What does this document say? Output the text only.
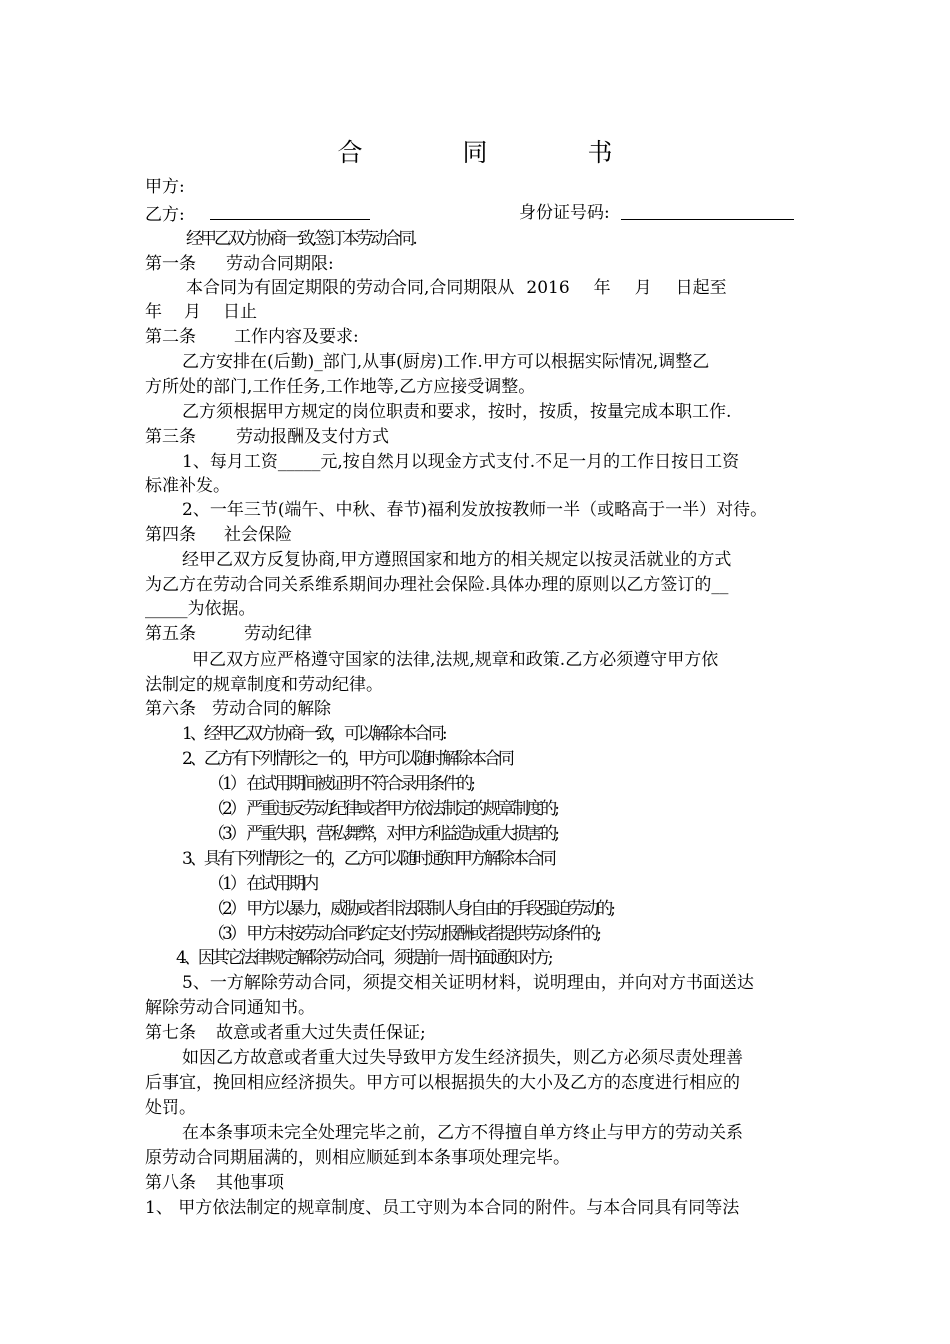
合 同 书
甲方:
乙方:	身份证号码:
经甲乙双方协商一致,签订本劳动合同.
第一条 劳动合同期限:
本合同为有固定期限的劳动合同,合同期限从 2016 年 月 日起至
年 月 日止
第二条 工作内容及要求:
乙方安排在(后勤)_部门,从事(厨房)工作.甲方可以根据实际情况,调整乙
方所处的部门,工作任务,工作地等,乙方应接受调整。
乙方须根据甲方规定的岗位职责和要求，按时，按质，按量完成本职工作.
第三条 劳动报酬及支付方式
1、每月工资_____元,按自然月以现金方式支付.不足一月的工作日按日工资
标准补发。
2、一年三节(端午、中秋、春节)福利发放按教师一半（或略高于一半）对待。
第四条 社会保险
经甲乙双方反复协商,甲方遵照国家和地方的相关规定以按灵活就业的方式
为乙方在劳动合同关系维系期间办理社会保险.具体办理的原则以乙方签订的__
_____为依据。
第五条	劳动纪律
甲乙双方应严格遵守国家的法律,法规,规章和政策.乙方必须遵守甲方依
法制定的规章制度和劳动纪律。
第六条 劳动合同的解除
1、经甲乙双方协商一致，可以解除本合同:
2、乙方有下列情形之一的，甲方可以随时解除本合同
（1） 在试用期间被证明不符合录用条件的;
（2） 严重违反劳动纪律或者甲方依法制定的规章制度的;
（3） 严重失职，营私舞弊，对甲方利益造成重大损害的;
3、具有下列情形之一的，乙方可以随时通知甲方解除本合同
（1） 在试用期内
（2） 甲方以暴力，威胁或者非法限制人身自由的手段强迫劳动的;
（3） 甲方未按劳动合同约定支付劳动报酬或者提供劳动条件的;
4、因其它法律规定解除劳动合同，须提前一周书面通知对方;
5、一方解除劳动合同，须提交相关证明材料，说明理由，并向对方书面送达
解除劳动合同通知书。
第七条 故意或者重大过失责任保证;
如因乙方故意或者重大过失导致甲方发生经济损失，则乙方必须尽责处理善
后事宜，挽回相应经济损失。甲方可以根据损失的大小及乙方的态度进行相应的
处罚。
在本条事项未完全处理完毕之前，乙方不得擅自单方终止与甲方的劳动关系
原劳动合同期届满的，则相应顺延到本条事项处理完毕。
第八条 其他事项
1、 甲方依法制定的规章制度、员工守则为本合同的附件。与本合同具有同等法
